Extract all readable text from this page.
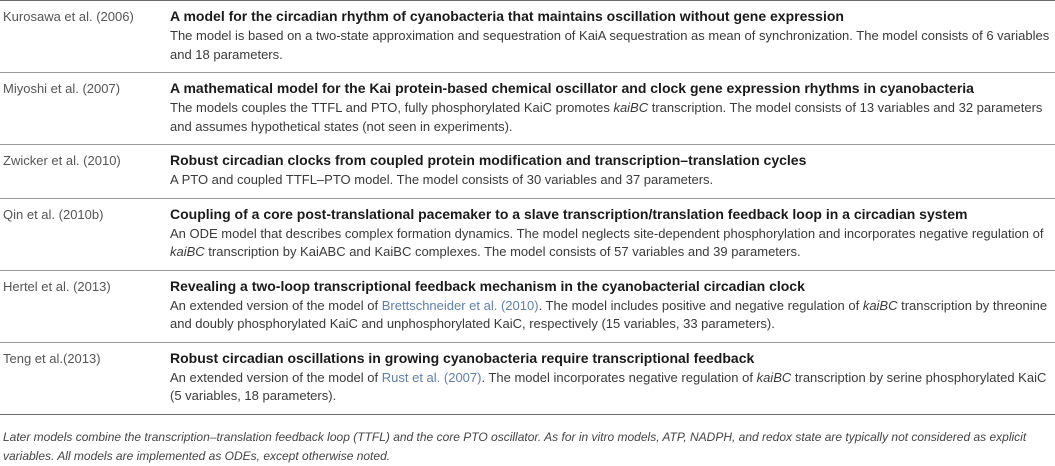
Kurosawa et al. (2006)	A model for the circadian rhythm of cyanobacteria that maintains oscillation without gene expression
The model is based on a two-state approximation and sequestration of KaiA sequestration as mean of synchronization. The model consists of 6 variables and 18 parameters.

Miyoshi et al. (2007)	A mathematical model for the Kai protein-based chemical oscillator and clock gene expression rhythms in cyanobacteria
The models couples the TTFL and PTO, fully phosphorylated KaiC promotes kaiBC transcription. The model consists of 13 variables and 32 parameters and assumes hypothetical states (not seen in experiments).

Zwicker et al. (2010)	Robust circadian clocks from coupled protein modification and transcription–translation cycles
A PTO and coupled TTFL–PTO model. The model consists of 30 variables and 37 parameters.

Qin et al. (2010b)	Coupling of a core post-translational pacemaker to a slave transcription/translation feedback loop in a circadian system
An ODE model that describes complex formation dynamics. The model neglects site-dependent phosphorylation and incorporates negative regulation of kaiBC transcription by KaiABC and KaiBC complexes. The model consists of 57 variables and 39 parameters.

Hertel et al. (2013)	Revealing a two-loop transcriptional feedback mechanism in the cyanobacterial circadian clock
An extended version of the model of Brettschneider et al. (2010). The model includes positive and negative regulation of kaiBC transcription by threonine and doubly phosphorylated KaiC and unphosphorylated KaiC, respectively (15 variables, 33 parameters).

Teng et al.(2013)	Robust circadian oscillations in growing cyanobacteria require transcriptional feedback
An extended version of the model of Rust et al. (2007). The model incorporates negative regulation of kaiBC transcription by serine phosphorylated KaiC (5 variables, 18 parameters).
Later models combine the transcription–translation feedback loop (TTFL) and the core PTO oscillator. As for in vitro models, ATP, NADPH, and redox state are typically not considered as explicit variables. All models are implemented as ODEs, except otherwise noted.
